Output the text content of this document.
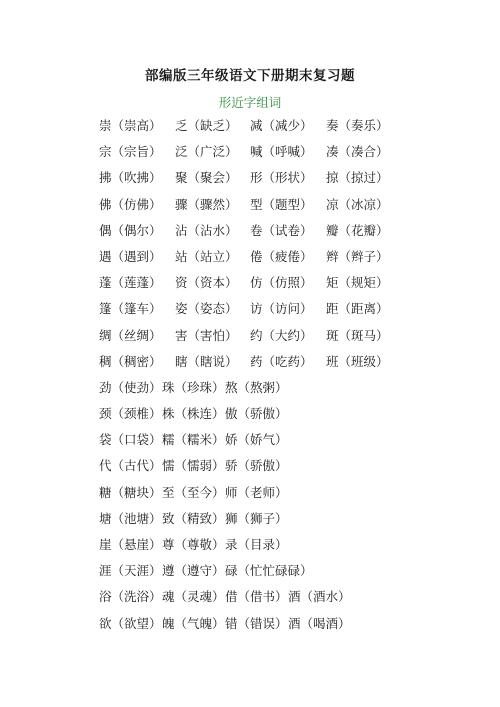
部编版三年级语文下册期末复习题
形近字组词
崇（崇高） 乏（缺乏） 减（减少） 奏（奏乐）
宗（宗旨） 泛（广泛） 喊（呼喊） 凑（凑合）
拂（吹拂） 聚（聚会） 形（形状） 掠（掠过）
佛（仿佛） 骤（骤然） 型（题型） 凉（冰凉）
偶（偶尔） 沾（沾水） 卷（试卷） 瓣（花瓣）
遇（遇到） 站（站立） 倦（疲倦） 辫（辫子）
蓬（莲蓬） 资（资本） 仿（仿照） 矩（规矩）
篷（篷车） 姿（姿态） 访（访问） 距（距离）
绸（丝绸） 害（害怕） 约（大约） 斑（斑马）
稠（稠密） 瞎（瞎说） 药（吃药） 班（班级）
劲（使劲） 珠（珍珠） 熬（熬粥）
颈（颈椎） 株（株连） 傲（骄傲）
袋（口袋） 糯（糯米） 娇（娇气）
代（古代） 懦（懦弱） 骄（骄傲）
糖（糖块） 至（至今） 师（老师）
塘（池塘） 致（精致） 狮（狮子）
崖（悬崖） 尊（尊敬） 录（目录）
涯（天涯） 遵（遵守） 碌（忙忙碌碌）
浴（洗浴） 魂（灵魂） 借（借书） 酒（酒水）
欲（欲望） 魄（气魄） 错（错误） 酒（喝酒）
